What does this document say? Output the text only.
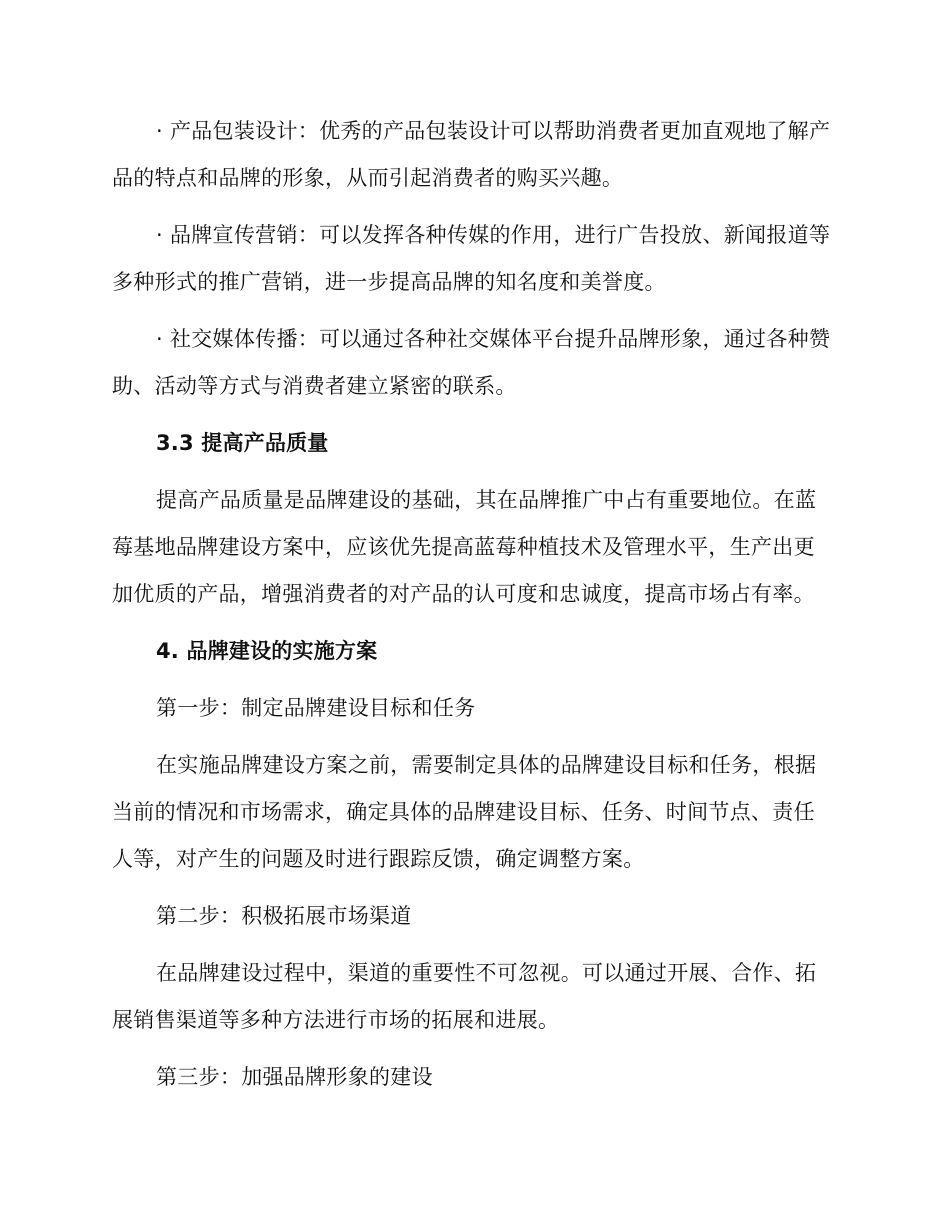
· 产品包装设计：优秀的产品包装设计可以帮助消费者更加直观地了解产品的特点和品牌的形象，从而引起消费者的购买兴趣。

· 品牌宣传营销：可以发挥各种传媒的作用，进行广告投放、新闻报道等多种形式的推广营销，进一步提高品牌的知名度和美誉度。

· 社交媒体传播：可以通过各种社交媒体平台提升品牌形象，通过各种赞助、活动等方式与消费者建立紧密的联系。

3.3 提高产品质量

提高产品质量是品牌建设的基础，其在品牌推广中占有重要地位。在蓝莓基地品牌建设方案中，应该优先提高蓝莓种植技术及管理水平，生产出更加优质的产品，增强消费者的对产品的认可度和忠诚度，提高市场占有率。

4. 品牌建设的实施方案

第一步：制定品牌建设目标和任务

在实施品牌建设方案之前，需要制定具体的品牌建设目标和任务，根据当前的情况和市场需求，确定具体的品牌建设目标、任务、时间节点、责任人等，对产生的问题及时进行跟踪反馈，确定调整方案。

第二步：积极拓展市场渠道

在品牌建设过程中，渠道的重要性不可忽视。可以通过开展、合作、拓展销售渠道等多种方法进行市场的拓展和进展。

第三步：加强品牌形象的建设
